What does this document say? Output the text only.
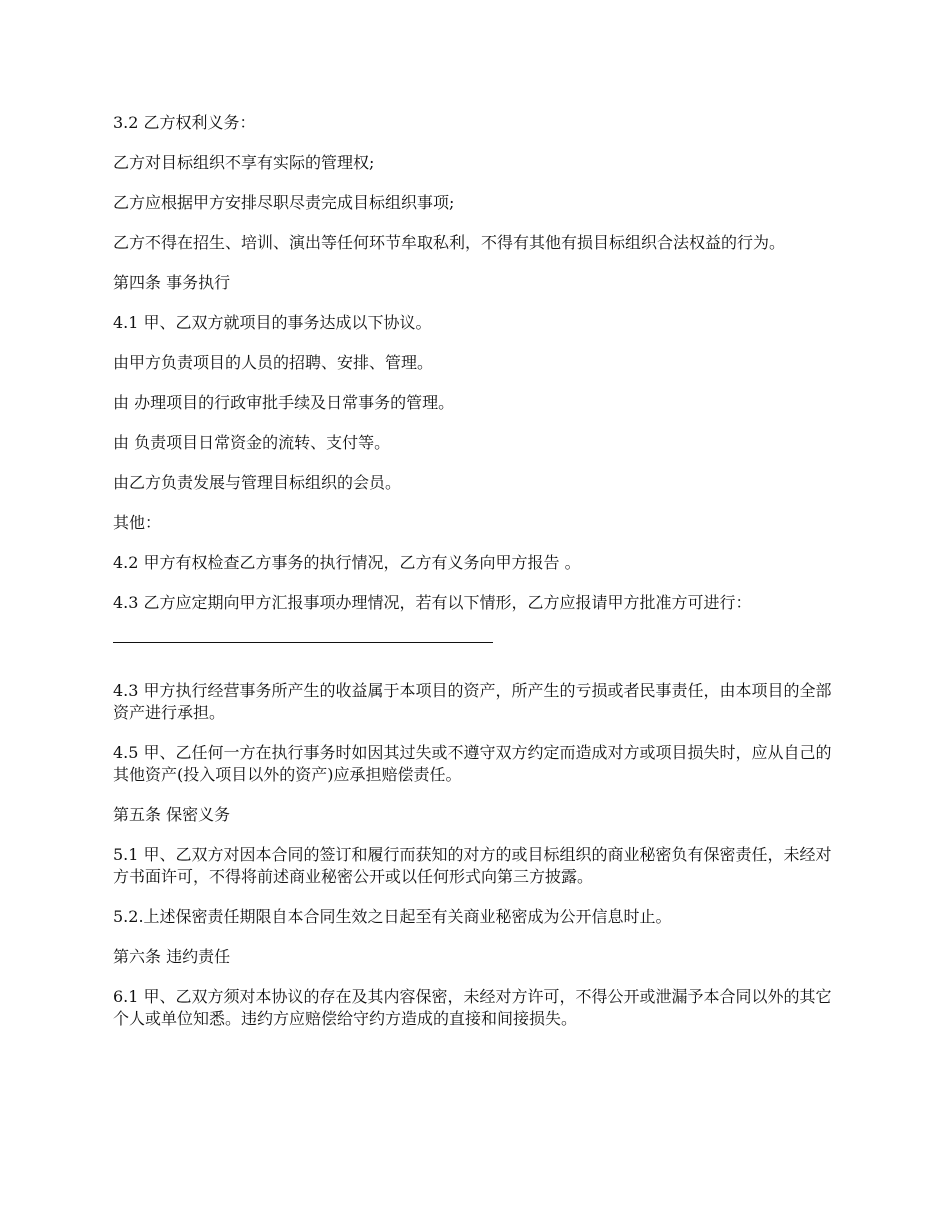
3.2 乙方权利义务：

乙方对目标组织不享有实际的管理权;

乙方应根据甲方安排尽职尽责完成目标组织事项;

乙方不得在招生、培训、演出等任何环节牟取私利，不得有其他有损目标组织合法权益的行为。

第四条 事务执行

4.1 甲、乙双方就项目的事务达成以下协议。

由甲方负责项目的人员的招聘、安排、管理。

由 办理项目的行政审批手续及日常事务的管理。

由 负责项目日常资金的流转、支付等。

由乙方负责发展与管理目标组织的会员。

其他：

4.2 甲方有权检查乙方事务的执行情况，乙方有义务向甲方报告 。

4.3 乙方应定期向甲方汇报事项办理情况，若有以下情形，乙方应报请甲方批准方可进行：

4.3 甲方执行经营事务所产生的收益属于本项目的资产，所产生的亏损或者民事责任，由本项目的全部资产进行承担。

4.5 甲、乙任何一方在执行事务时如因其过失或不遵守双方约定而造成对方或项目损失时，应从自己的其他资产(投入项目以外的资产)应承担赔偿责任。

第五条 保密义务

5.1 甲、乙双方对因本合同的签订和履行而获知的对方的或目标组织的商业秘密负有保密责任，未经对方书面许可，不得将前述商业秘密公开或以任何形式向第三方披露。

5.2.上述保密责任期限自本合同生效之日起至有关商业秘密成为公开信息时止。

第六条 违约责任

6.1 甲、乙双方须对本协议的存在及其内容保密，未经对方许可，不得公开或泄漏予本合同以外的其它个人或单位知悉。违约方应赔偿给守约方造成的直接和间接损失。
